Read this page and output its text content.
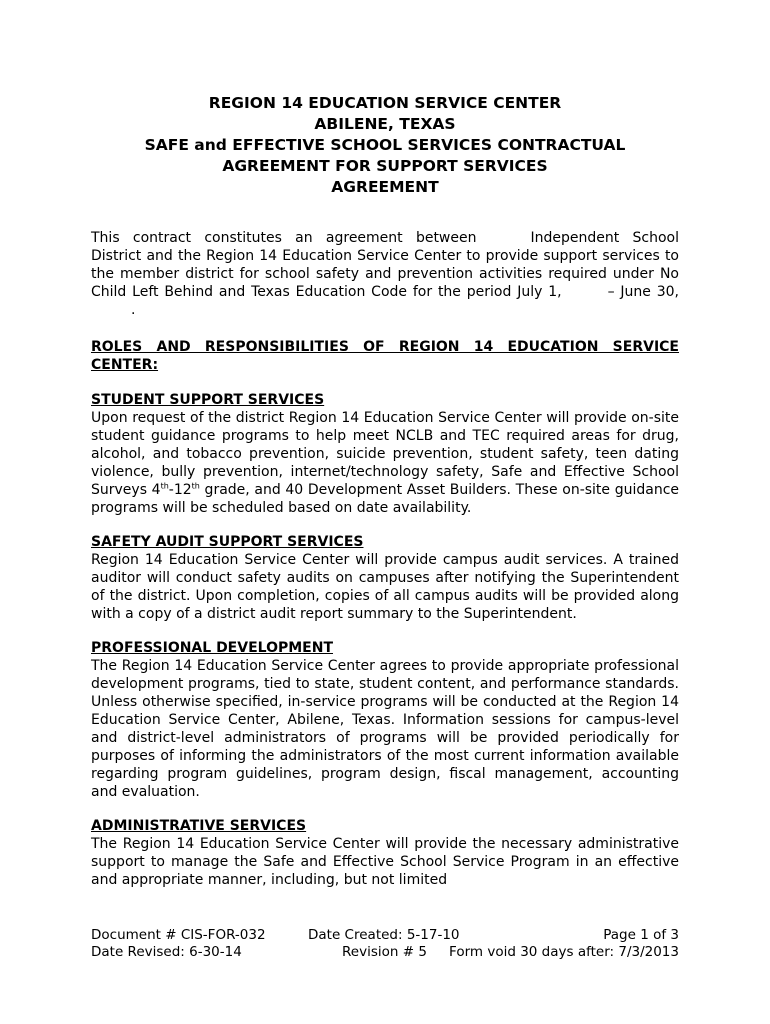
REGION 14 EDUCATION SERVICE CENTER
ABILENE, TEXAS
SAFE and EFFECTIVE SCHOOL SERVICES CONTRACTUAL
AGREEMENT FOR SUPPORT SERVICES
AGREEMENT

This contract constitutes an agreement between	Independent School District and the Region 14 Education Service Center to provide support services to the member district for school safety and prevention activities required under No Child Left Behind and Texas Education Code for the period July 1,	– June 30,.

ROLES AND RESPONSIBILITIES OF REGION 14 EDUCATION SERVICE CENTER:

STUDENT SUPPORT SERVICES

Upon request of the district Region 14 Education Service Center will provide on-site student guidance programs to help meet NCLB and TEC required areas for drug, alcohol, and tobacco prevention, suicide prevention, student safety, teen dating violence, bully prevention, internet/technology safety, Safe and Effective School Surveys 4th-12th grade, and 40 Development Asset Builders. These on-site guidance programs will be scheduled based on date availability.

SAFETY AUDIT SUPPORT SERVICES

Region 14 Education Service Center will provide campus audit services. A trained auditor will conduct safety audits on campuses after notifying the Superintendent of the district. Upon completion, copies of all campus audits will be provided along with a copy of a district audit report summary to the Superintendent.

PROFESSIONAL DEVELOPMENT

The Region 14 Education Service Center agrees to provide appropriate professional development programs, tied to state, student content, and performance standards. Unless otherwise specified, in-service programs will be conducted at the Region 14 Education Service Center, Abilene, Texas. Information sessions for campus-level and district-level administrators of programs will be provided periodically for purposes of informing the administrators of the most current information available regarding program guidelines, program design, fiscal management, accounting and evaluation.

ADMINISTRATIVE SERVICES

The Region 14 Education Service Center will provide the necessary administrative support to manage the Safe and Effective School Service Program in an effective and appropriate manner, including, but not limited

Document # CIS-FOR-032	Date Created: 5-17-10	Page 1 of 3
Date Revised: 6-30-14	Revision # 5 Form void 30 days after: 7/3/2013
